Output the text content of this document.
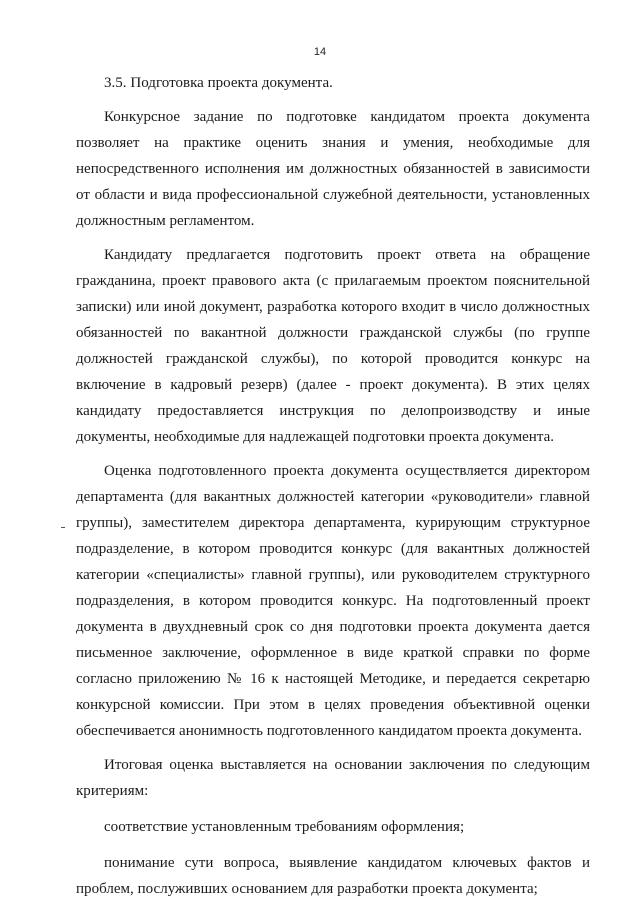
14

3.5. Подготовка проекта документа.

Конкурсное задание по подготовке кандидатом проекта документа позволяет на практике оценить знания и умения, необходимые для непосредственного исполнения им должностных обязанностей в зависимости от области и вида профессиональной служебной деятельности, установленных должностным регламентом.

Кандидату предлагается подготовить проект ответа на обращение гражданина, проект правового акта (с прилагаемым проектом пояснительной записки) или иной документ, разработка которого входит в число должностных обязанностей по вакантной должности гражданской службы (по группе должностей гражданской службы), по которой проводится конкурс на включение в кадровый резерв) (далее - проект документа). В этих целях кандидату предоставляется инструкция по делопроизводству и иные документы, необходимые для надлежащей подготовки проекта документа.

Оценка подготовленного проекта документа осуществляется директором департамента (для вакантных должностей категории «руководители» главной группы), заместителем директора департамента, курирующим структурное подразделение, в котором проводится конкурс (для вакантных должностей категории «специалисты» главной группы), или руководителем структурного подразделения, в котором проводится конкурс. На подготовленный проект документа в двухдневный срок со дня подготовки проекта документа дается письменное заключение, оформленное в виде краткой справки по форме согласно приложению № 16 к настоящей Методике, и передается секретарю конкурсной комиссии. При этом в целях проведения объективной оценки обеспечивается анонимность подготовленного кандидатом проекта документа.

Итоговая оценка выставляется на основании заключения по следующим критериям:

соответствие установленным требованиям оформления;

понимание сути вопроса, выявление кандидатом ключевых фактов и проблем, послуживших основанием для разработки проекта документа;
